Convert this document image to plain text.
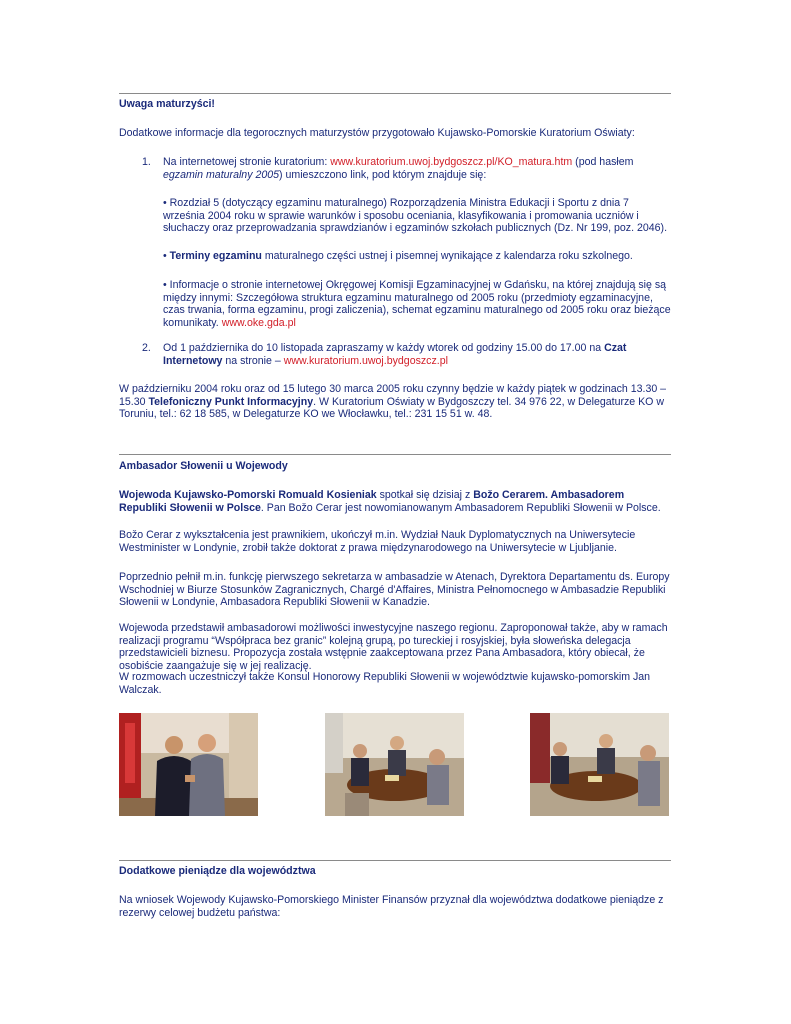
Uwaga maturzyści!
Dodatkowe informacje dla tegorocznych maturzystów przygotowało Kujawsko-Pomorskie Kuratorium Oświaty:
1. Na internetowej stronie kuratorium: www.kuratorium.uwoj.bydgoszcz.pl/KO_matura.htm (pod hasłem egzamin maturalny 2005) umieszczono link, pod którym znajduje się:
• Rozdział 5 (dotyczący egzaminu maturalnego) Rozporządzenia Ministra Edukacji i Sportu z dnia 7 września 2004 roku w sprawie warunków i sposobu oceniania, klasyfikowania i promowania uczniów i słuchaczy oraz przeprowadzania sprawdzianów i egzaminów szkołach publicznych (Dz. Nr 199, poz. 2046).
• Terminy egzaminu maturalnego części ustnej i pisemnej wynikające z kalendarza roku szkolnego.
• Informacje o stronie internetowej Okręgowej Komisji Egzaminacyjnej w Gdańsku, na której znajdują się są między innymi: Szczegółowa struktura egzaminu maturalnego od 2005 roku (przedmioty egzaminacyjne, czas trwania, forma egzaminu, progi zaliczenia), schemat egzaminu maturalnego od 2005 roku oraz bieżące komunikaty. www.oke.gda.pl
2. Od 1 października do 10 listopada zapraszamy w każdy wtorek od godziny 15.00 do 17.00 na Czat Internetowy na stronie – www.kuratorium.uwoj.bydgoszcz.pl
W październiku 2004 roku oraz od 15 lutego 30 marca 2005 roku czynny będzie w każdy piątek w godzinach 13.30 – 15.30 Telefoniczny Punkt Informacyjny. W Kuratorium Oświaty w Bydgoszczy tel. 34 976 22, w Delegaturze KO w Toruniu, tel.: 62 18 585, w Delegaturze KO we Włocławku, tel.: 231 15 51 w. 48.
Ambasador Słowenii u Wojewody
Wojewoda Kujawsko-Pomorski Romuald Kosieniak spotkał się dzisiaj z Božo Cerarem. Ambasadorem Republiki Słowenii w Polsce. Pan Božo Cerar jest nowomianowanym Ambasadorem Republiki Słowenii w Polsce.
Božo Cerar z wykształcenia jest prawnikiem, ukończył m.in. Wydział Nauk Dyplomatycznych na Uniwersytecie Westminister w Londynie, zrobił także doktorat z prawa międzynarodowego na Uniwersytecie w Ljubljanie.
Poprzednio pełnił m.in. funkcję pierwszego sekretarza w ambasadzie w Atenach, Dyrektora Departamentu ds. Europy Wschodniej w Biurze Stosunków Zagranicznych, Chargé d'Affaires, Ministra Pełnomocnego w Ambasadzie Republiki Słowenii w Londynie, Ambasadora Republiki Słowenii w Kanadzie.
Wojewoda przedstawił ambasadorowi możliwości inwestycyjne naszego regionu. Zaproponował także, aby w ramach realizacji programu “Współpraca bez granic” kolejną grupą, po tureckiej i rosyjskiej, była słoweńska delegacja przedstawicieli biznesu. Propozycja została wstępnie zaakceptowana przez Pana Ambasadora, który obiecał, że osobiście zaangażuje się w jej realizację.
W rozmowach uczestniczył także Konsul Honorowy Republiki Słowenii w województwie kujawsko-pomorskim Jan Walczak.
Dodatkowe pieniądze dla województwa
Na wniosek Wojewody Kujawsko-Pomorskiego Minister Finansów przyznał dla województwa dodatkowe pieniądze z rezerwy celowej budżetu państwa:
